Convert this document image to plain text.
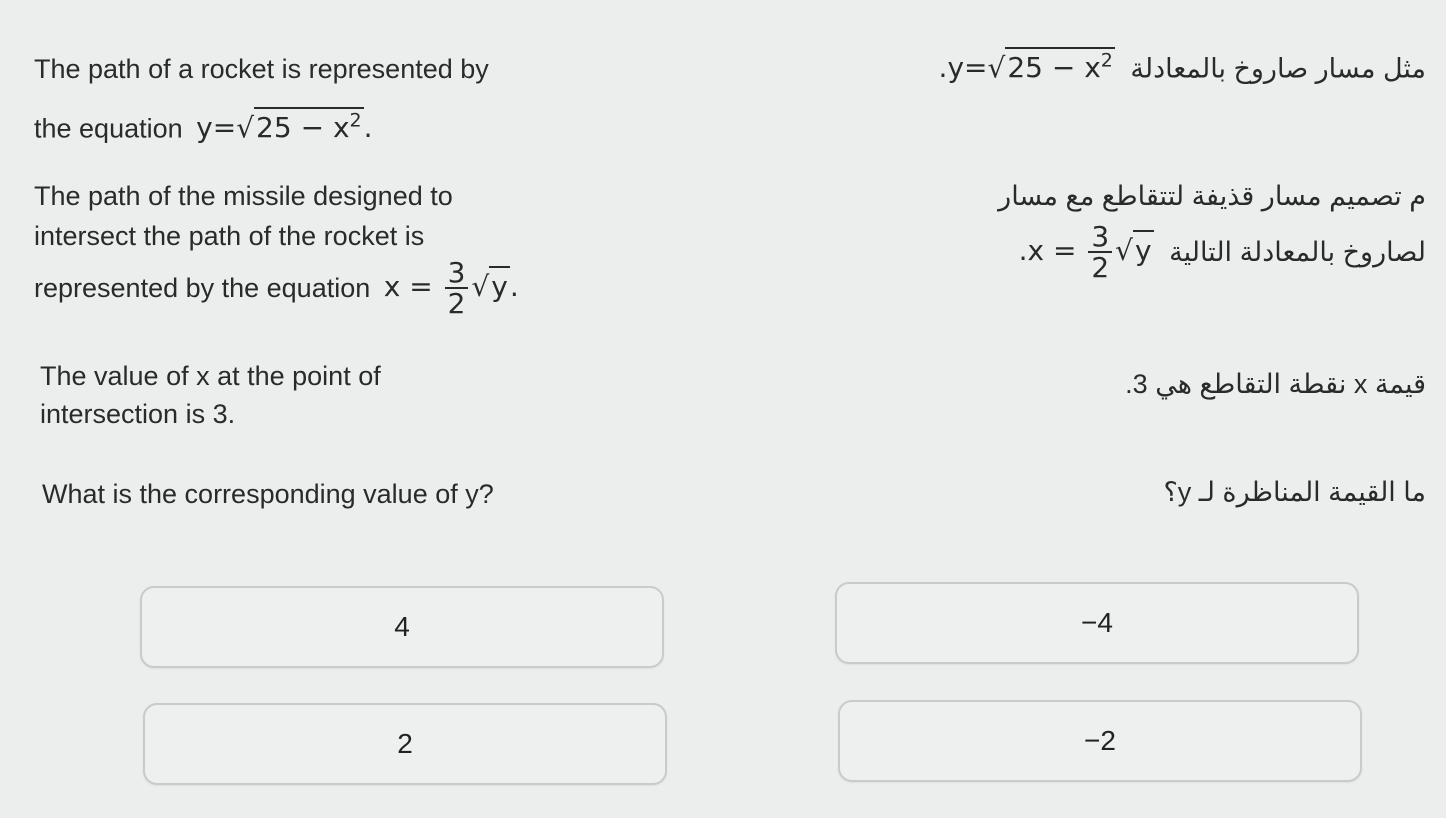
The path of a rocket is represented by
the equation $y=√25 - x^2$.
مثل مسار صاروخ بالمعادلة $.y=√25 - x^2$
The path of the missile designed to
intersect the path of the rocket is
represented by the equation $x = \frac{3}{2} √y$.
م تصميم مسار قذيفة لتتقاطع مع مسار
لصاروخ بالمعادلة التالية $.x = \frac{3}{2} √y$
The value of x at the point of
intersection is 3.
قيمة x نقطة التقاطع هي 3.
What is the corresponding value of y?	ما القيمة المناظرة لـ y؟
4	−4
2	−2
